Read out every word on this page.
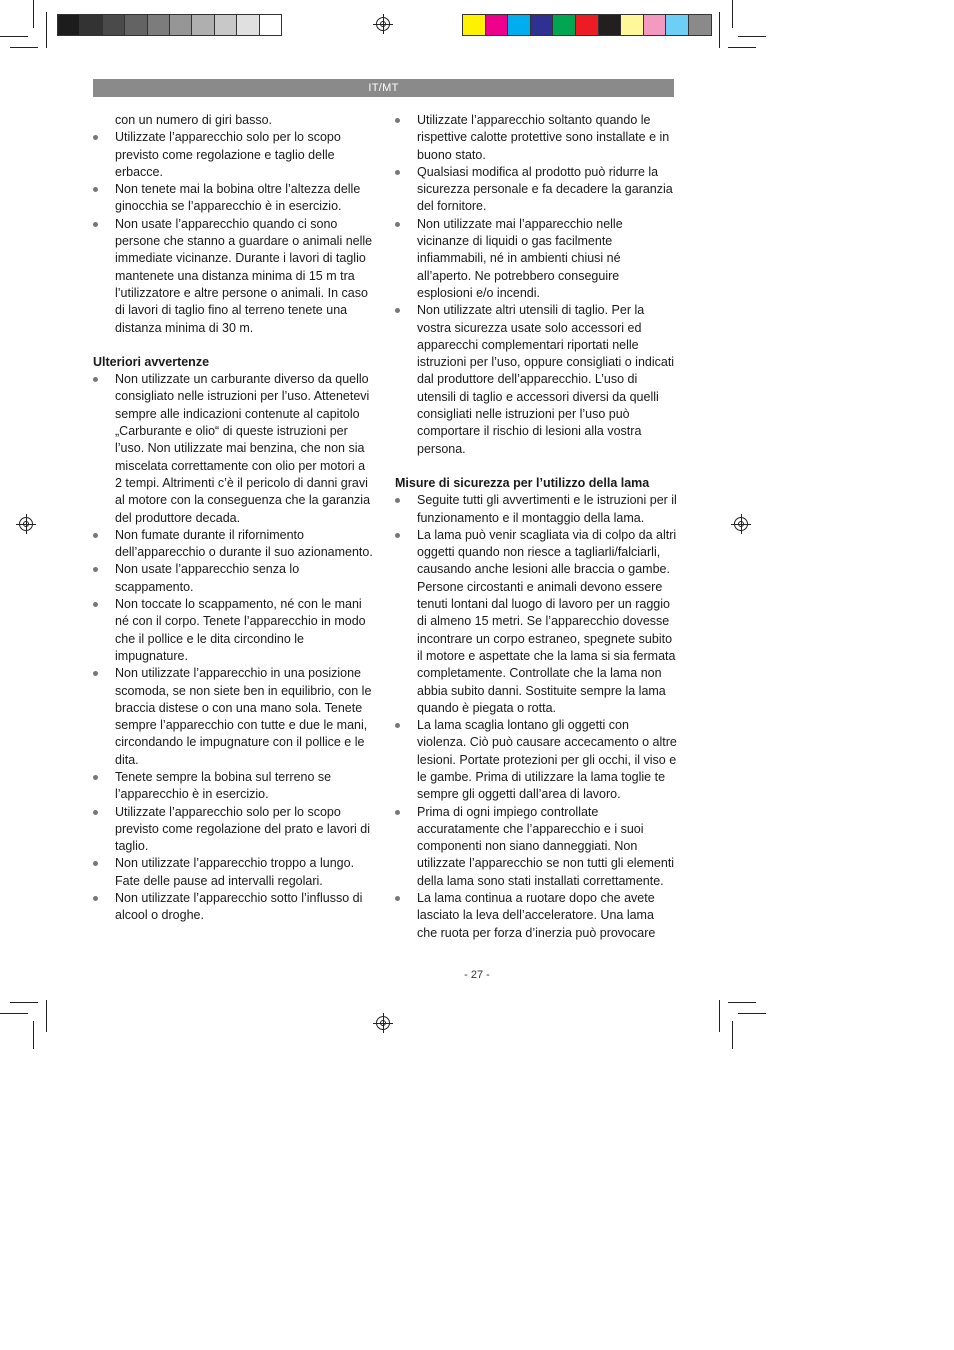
IT/MT

con un numero di giri basso.

Utilizzate l’apparecchio solo per lo scopo previsto come regolazione e taglio delle erbacce.

Non tenete mai la bobina oltre l’altezza delle ginocchia se l’apparecchio è in esercizio.

Non usate l’apparecchio quando ci sono persone che stanno a guardare o animali nelle immediate vicinanze. Durante i lavori di taglio mantenete una distanza minima di 15 m tra l’utilizzatore e altre persone o animali. In caso di lavori di taglio fino al terreno tenete una distanza minima di 30 m.

Ulteriori avvertenze

Non utilizzate un carburante diverso da quello consigliato nelle istruzioni per l’uso. Attenetevi sempre alle indicazioni contenute al capitolo „Carburante e olio“ di queste istruzioni per l’uso. Non utilizzate mai benzina, che non sia miscelata correttamente con olio per motori a 2 tempi. Altrimenti c’è il pericolo di danni gravi al motore con la conseguenza che la garanzia del produttore decada.

Non fumate durante il rifornimento dell’apparecchio o durante il suo azionamento.

Non usate l’apparecchio senza lo scappamento.

Non toccate lo scappamento, né con le mani né con il corpo. Tenete l’apparecchio in modo che il pollice e le dita circondino le impugnature.

Non utilizzate l’apparecchio in una posizione scomoda, se non siete ben in equilibrio, con le braccia distese o con una mano sola. Tenete sempre l’apparecchio con tutte e due le mani, circondando le impugnature con il pollice e le dita.

Tenete sempre la bobina sul terreno se l’apparecchio è in esercizio.

Utilizzate l’apparecchio solo per lo scopo previsto come regolazione del prato e lavori di taglio.

Non utilizzate l’apparecchio troppo a lungo. Fate delle pause ad intervalli regolari.

Non utilizzate l’apparecchio sotto l’influsso di alcool o droghe.

Utilizzate l’apparecchio soltanto quando le rispettive calotte protettive sono installate e in buono stato.

Qualsiasi modifica al prodotto può ridurre la sicurezza personale e fa decadere la garanzia del fornitore.

Non utilizzate mai l’apparecchio nelle vicinanze di liquidi o gas facilmente infiammabili, né in ambienti chiusi né all’aperto. Ne potrebbero conseguire esplosioni e/o incendi.

Non utilizzate altri utensili di taglio. Per la vostra sicurezza usate solo accessori ed apparecchi complementari riportati nelle istruzioni per l’uso, oppure consigliati o indicati dal produttore dell’apparecchio. L’uso di utensili di taglio e accessori diversi da quelli consigliati nelle istruzioni per l’uso può comportare il rischio di lesioni alla vostra persona.

Misure di sicurezza per l’utilizzo della lama

Seguite tutti gli avvertimenti e le istruzioni per il funzionamento e il montaggio della lama.

La lama può venir scagliata via di colpo da altri oggetti quando non riesce a tagliarli/falciarli, causando anche lesioni alle braccia o gambe. Persone circostanti e animali devono essere tenuti lontani dal luogo di lavoro per un raggio di almeno 15 metri. Se l’apparecchio dovesse incontrare un corpo estraneo, spegnete subito il motore e aspettate che la lama si sia fermata completamente. Controllate che la lama non abbia subito danni. Sostituite sempre la lama quando è piegata o rotta.

La lama scaglia lontano gli oggetti con violenza. Ciò può causare accecamento o altre lesioni. Portate protezioni per gli occhi, il viso e le gambe. Prima di utilizzare la lama toglie te sempre gli oggetti dall’area di lavoro.

Prima di ogni impiego controllate accuratamente che l’apparecchio e i suoi componenti non siano danneggiati. Non utilizzate l’apparecchio se non tutti gli elementi della lama sono stati installati correttamente.

La lama continua a ruotare dopo che avete lasciato la leva dell’acceleratore. Una lama che ruota per forza d’inerzia può provocare

- 27 -
